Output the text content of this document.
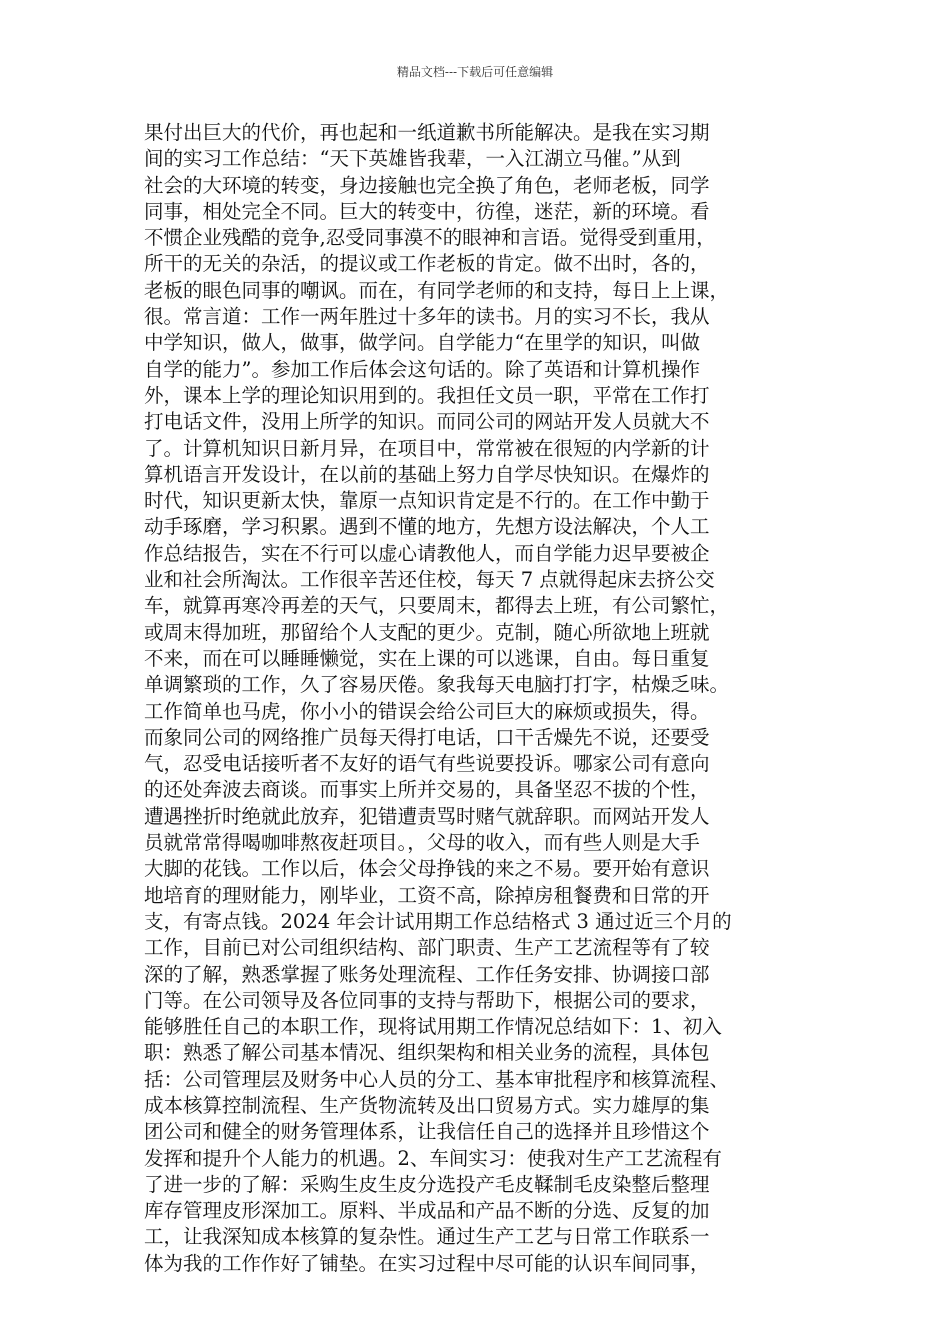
精品文档---下载后可任意编辑
果付出巨大的代价，再也起和一纸道歉书所能解决。是我在实习期
间的实习工作总结：“天下英雄皆我辈，一入江湖立马催。”从到
社会的大环境的转变，身边接触也完全换了角色，老师老板，同学
同事，相处完全不同。巨大的转变中，彷徨，迷茫，新的环境。看
不惯企业残酷的竞争,忍受同事漠不的眼神和言语。觉得受到重用，
所干的无关的杂活，的提议或工作老板的肯定。做不出时，各的，
老板的眼色同事的嘲讽。而在，有同学老师的和支持，每日上上课，
很。常言道：工作一两年胜过十多年的读书。月的实习不长，我从
中学知识，做人，做事，做学问。自学能力“在里学的知识，叫做
自学的能力”。参加工作后体会这句话的。除了英语和计算机操作
外，课本上学的理论知识用到的。我担任文员一职，平常在工作打
打电话文件，没用上所学的知识。而同公司的网站开发人员就大不
了。计算机知识日新月异，在项目中，常常被在很短的内学新的计
算机语言开发设计，在以前的基础上努力自学尽快知识。在爆炸的
时代，知识更新太快，靠原一点知识肯定是不行的。在工作中勤于
动手琢磨，学习积累。遇到不懂的地方，先想方设法解决，个人工
作总结报告，实在不行可以虚心请教他人，而自学能力迟早要被企
业和社会所淘汰。工作很辛苦还住校，每天 7 点就得起床去挤公交
车，就算再寒冷再差的天气，只要周末，都得去上班，有公司繁忙，
或周末得加班，那留给个人支配的更少。克制，随心所欲地上班就
不来，而在可以睡睡懒觉，实在上课的可以逃课，自由。每日重复
单调繁琐的工作，久了容易厌倦。象我每天电脑打打字，枯燥乏味。
工作简单也马虎，你小小的错误会给公司巨大的麻烦或损失，得。
而象同公司的网络推广员每天得打电话，口干舌燥先不说，还要受
气，忍受电话接听者不友好的语气有些说要投诉。哪家公司有意向
的还处奔波去商谈。而事实上所并交易的，具备坚忍不拔的个性，
遭遇挫折时绝就此放弃，犯错遭责骂时赌气就辞职。而网站开发人
员就常常得喝咖啡熬夜赶项目。，父母的收入，而有些人则是大手
大脚的花钱。工作以后，体会父母挣钱的来之不易。要开始有意识
地培育的理财能力，刚毕业，工资不高，除掉房租餐费和日常的开
支，有寄点钱。2024 年会计试用期工作总结格式 3 通过近三个月的
工作，目前已对公司组织结构、部门职责、生产工艺流程等有了较
深的了解，熟悉掌握了账务处理流程、工作任务安排、协调接口部
门等。在公司领导及各位同事的支持与帮助下，根据公司的要求，
能够胜任自己的本职工作，现将试用期工作情况总结如下：1、初入
职：熟悉了解公司基本情况、组织架构和相关业务的流程，具体包
括：公司管理层及财务中心人员的分工、基本审批程序和核算流程、
成本核算控制流程、生产货物流转及出口贸易方式。实力雄厚的集
团公司和健全的财务管理体系，让我信任自己的选择并且珍惜这个
发挥和提升个人能力的机遇。2、车间实习：使我对生产工艺流程有
了进一步的了解：采购生皮生皮分选投产毛皮鞣制毛皮染整后整理
库存管理皮形深加工。原料、半成品和产品不断的分选、反复的加
工，让我深知成本核算的复杂性。通过生产工艺与日常工作联系一
体为我的工作作好了铺垫。在实习过程中尽可能的认识车间同事，
